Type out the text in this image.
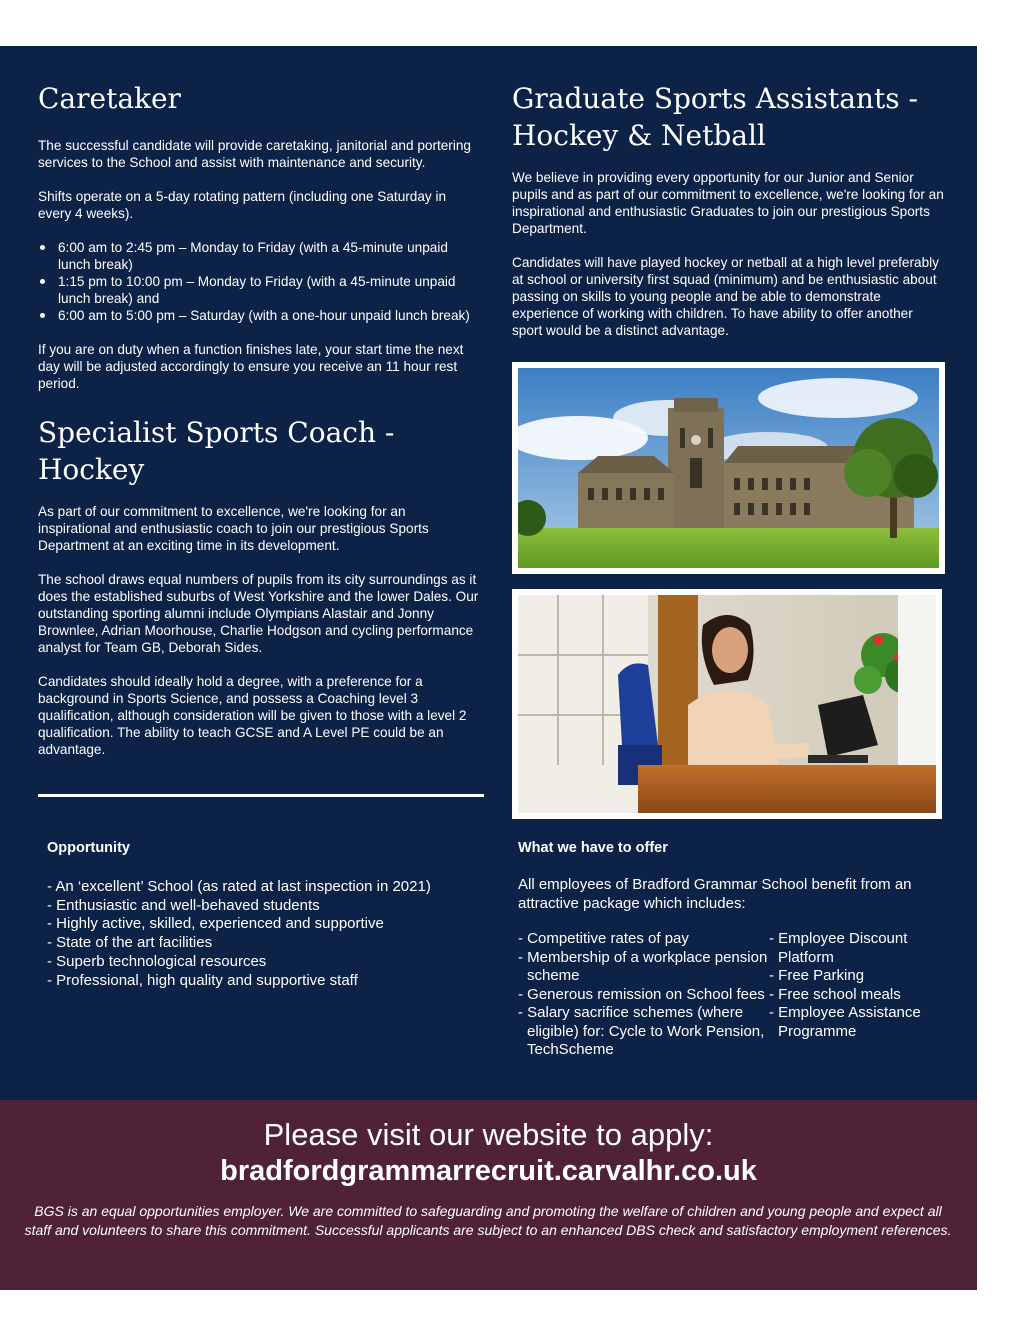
Caretaker

The successful candidate will provide caretaking, janitorial and portering services to the School and assist with maintenance and security.

Shifts operate on a 5-day rotating pattern (including one Saturday in every 4 weeks).

6:00 am to 2:45 pm – Monday to Friday (with a 45-minute unpaid lunch break)
1:15 pm to 10:00 pm – Monday to Friday (with a 45-minute unpaid lunch break) and
6:00 am to 5:00 pm – Saturday (with a one-hour unpaid lunch break)

If you are on duty when a function finishes late, your start time the next day will be adjusted accordingly to ensure you receive an 11 hour rest period.

Specialist Sports Coach - Hockey

As part of our commitment to excellence, we're looking for an inspirational and enthusiastic coach to join our prestigious Sports Department at an exciting time in its development.

The school draws equal numbers of pupils from its city surroundings as it does the established suburbs of West Yorkshire and the lower Dales. Our outstanding sporting alumni include Olympians Alastair and Jonny Brownlee, Adrian Moorhouse, Charlie Hodgson and cycling performance analyst for Team GB, Deborah Sides.

Candidates should ideally hold a degree, with a preference for a background in Sports Science, and possess a Coaching level 3 qualification, although consideration will be given to those with a level 2 qualification. The ability to teach GCSE and A Level PE could be an advantage.

Graduate Sports Assistants -
Hockey & Netball

We believe in providing every opportunity for our Junior and Senior pupils and as part of our commitment to excellence, we're looking for an inspirational and enthusiastic Graduates to join our prestigious Sports Department.

Candidates will have played hockey or netball at a high level preferably at school or university first squad (minimum) and be enthusiastic about passing on skills to young people and be able to demonstrate experience of working with children. To have ability to offer another sport would be a distinct advantage.

Opportunity
- An ‘excellent’ School (as rated at last inspection in 2021)
- Enthusiastic and well-behaved students
- Highly active, skilled, experienced and supportive
- State of the art facilities
- Superb technological resources
- Professional, high quality and supportive staff
What we have to offer

All employees of Bradford Grammar School benefit from an attractive package which includes:

- Competitive rates of pay
- Membership of a workplace pension scheme
- Generous remission on School fees
- Salary sacrifice schemes (where eligible) for: Cycle to Work Pension, TechScheme
- Employee Discount Platform
- Free Parking
- Free school meals
- Employee Assistance Programme
Please visit our website to apply:
bradfordgrammarrecruit.carvalhr.co.uk

BGS is an equal opportunities employer. We are committed to safeguarding and promoting the welfare of children and young people and expect all staff and volunteers to share this commitment. Successful applicants are subject to an enhanced DBS check and satisfactory employment references.
